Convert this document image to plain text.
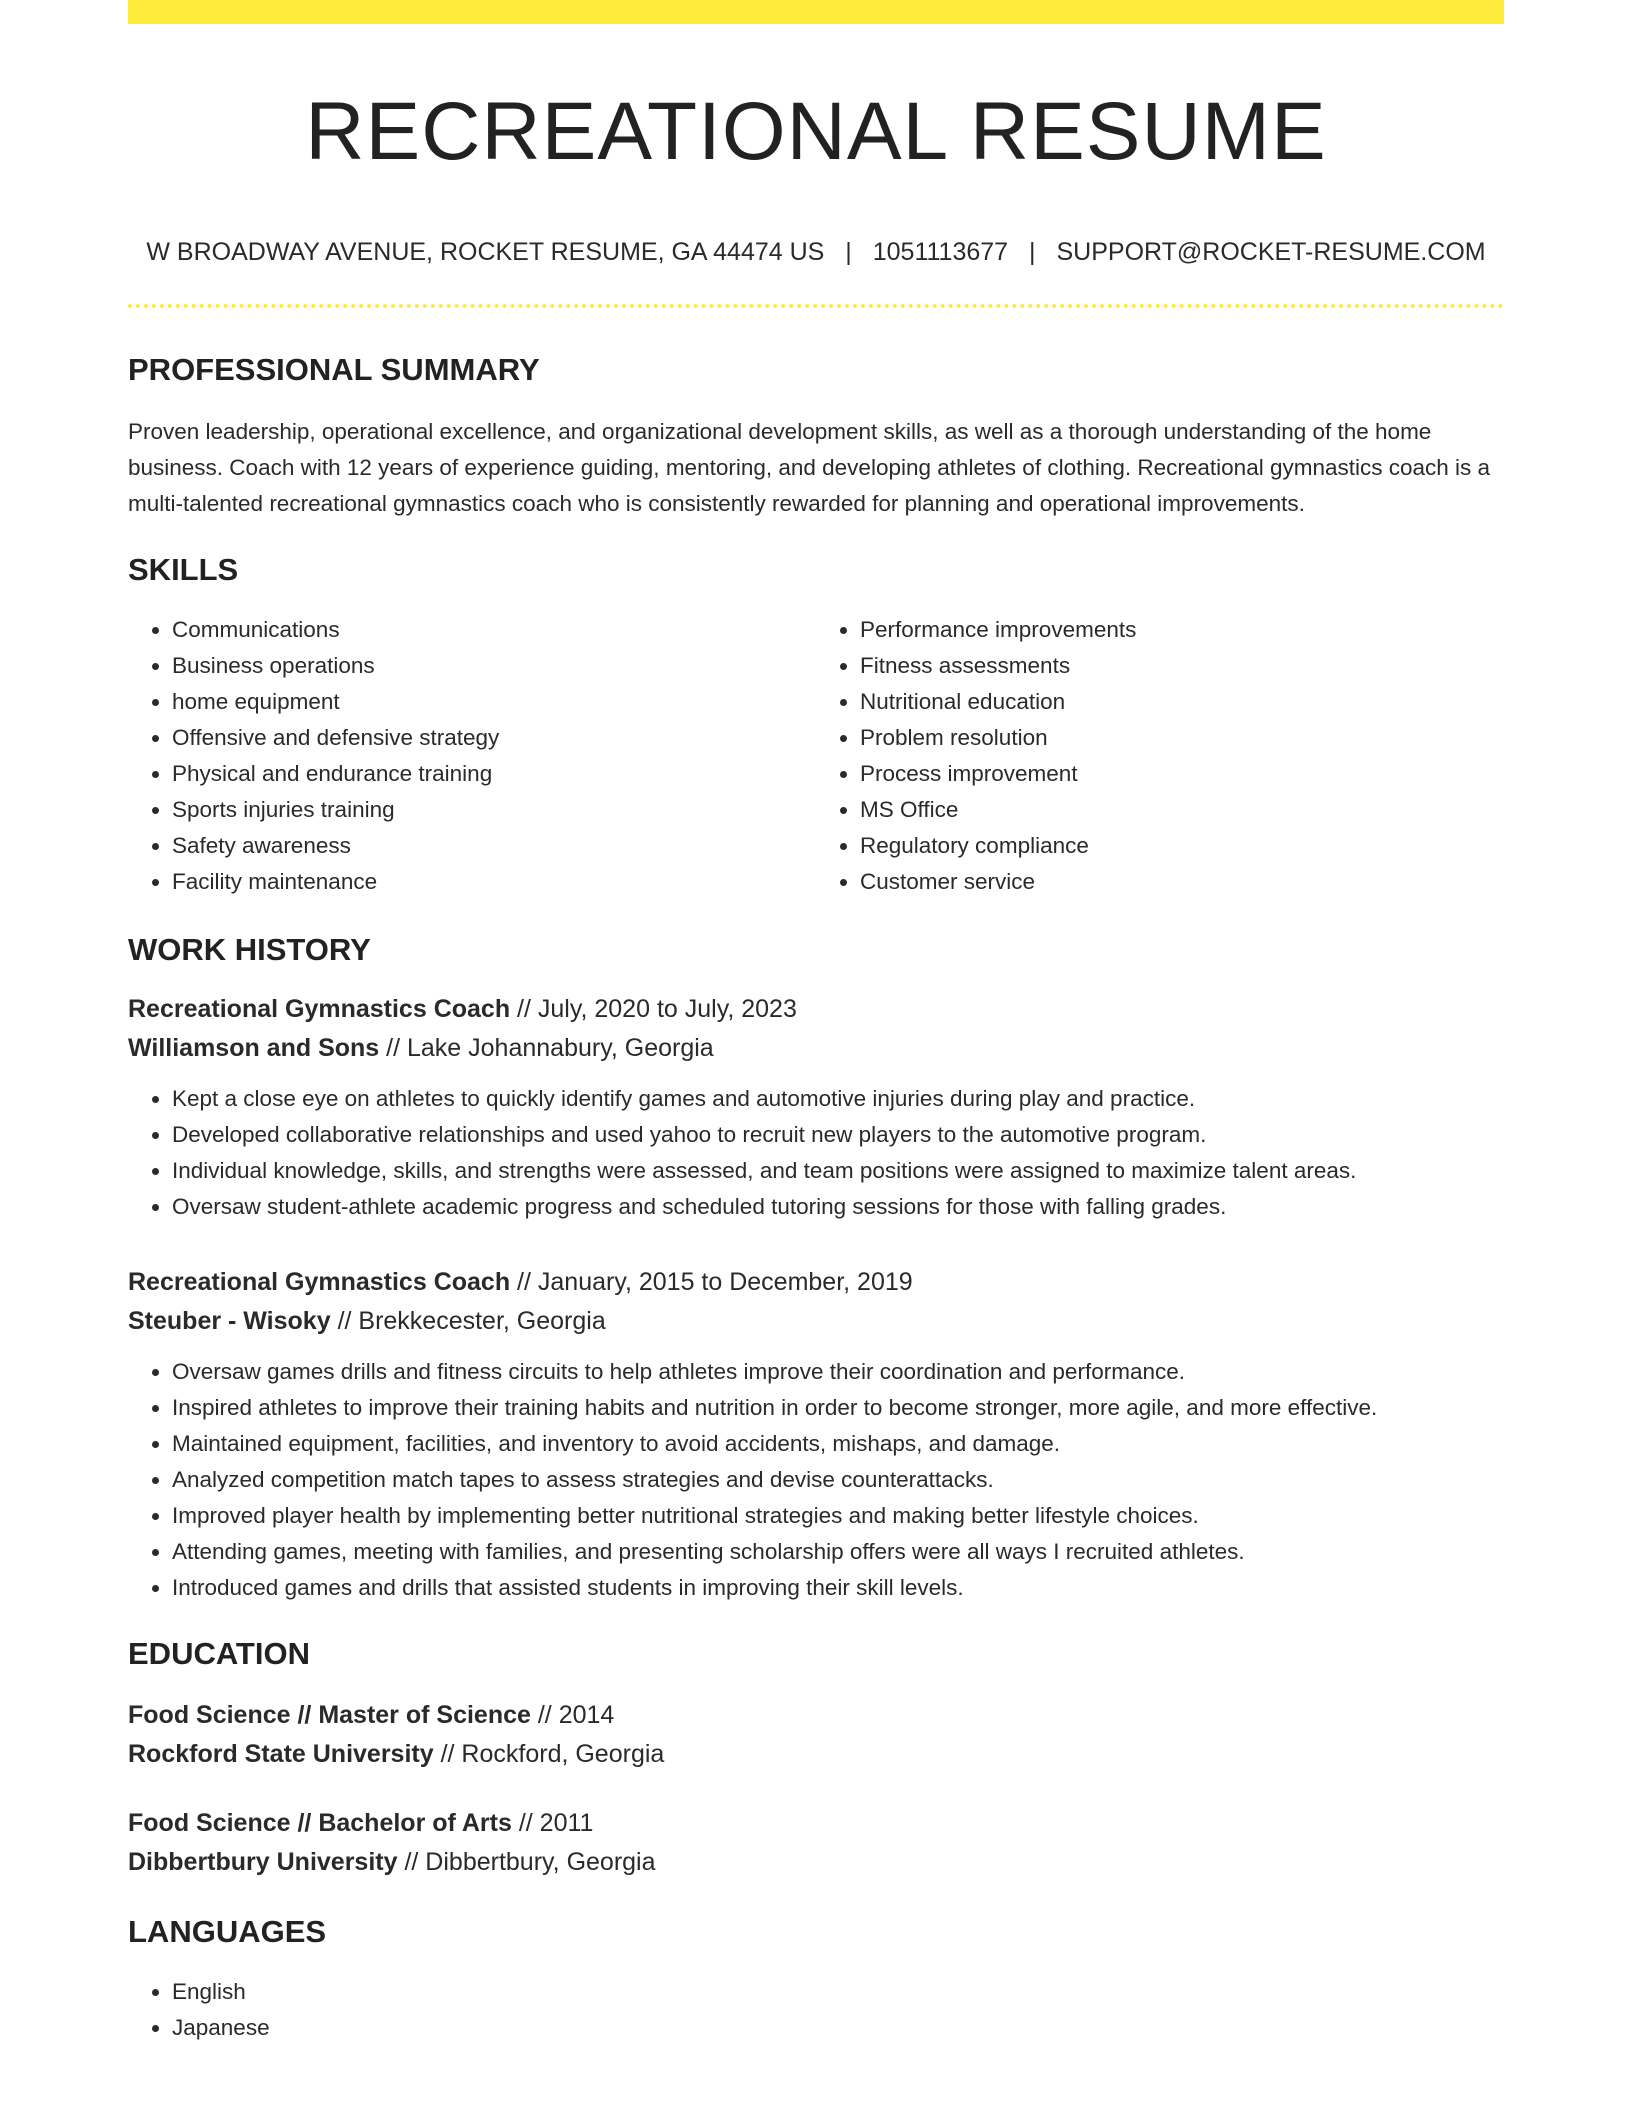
RECREATIONAL RESUME
W BROADWAY AVENUE, ROCKET RESUME, GA 44474 US | 1051113677 | SUPPORT@ROCKET-RESUME.COM
PROFESSIONAL SUMMARY

Proven leadership, operational excellence, and organizational development skills, as well as a thorough understanding of the home business. Coach with 12 years of experience guiding, mentoring, and developing athletes of clothing. Recreational gymnastics coach is a multi-talented recreational gymnastics coach who is consistently rewarded for planning and operational improvements.

SKILLS
• Communications
• Business operations
• home equipment
• Offensive and defensive strategy
• Physical and endurance training
• Sports injuries training
• Safety awareness
• Facility maintenance
• Performance improvements
• Fitness assessments
• Nutritional education
• Problem resolution
• Process improvement
• MS Office
• Regulatory compliance
• Customer service
WORK HISTORY
Recreational Gymnastics Coach // July, 2020 to July, 2023
Williamson and Sons // Lake Johannabury, Georgia
• Kept a close eye on athletes to quickly identify games and automotive injuries during play and practice.
• Developed collaborative relationships and used yahoo to recruit new players to the automotive program.
• Individual knowledge, skills, and strengths were assessed, and team positions were assigned to maximize talent areas.
• Oversaw student-athlete academic progress and scheduled tutoring sessions for those with falling grades.
Recreational Gymnastics Coach // January, 2015 to December, 2019
Steuber - Wisoky // Brekkecester, Georgia
• Oversaw games drills and fitness circuits to help athletes improve their coordination and performance.
• Inspired athletes to improve their training habits and nutrition in order to become stronger, more agile, and more effective.
• Maintained equipment, facilities, and inventory to avoid accidents, mishaps, and damage.
• Analyzed competition match tapes to assess strategies and devise counterattacks.
• Improved player health by implementing better nutritional strategies and making better lifestyle choices.
• Attending games, meeting with families, and presenting scholarship offers were all ways I recruited athletes.
• Introduced games and drills that assisted students in improving their skill levels.
EDUCATION
Food Science // Master of Science // 2014
Rockford State University // Rockford, Georgia
Food Science // Bachelor of Arts // 2011
Dibbertbury University // Dibbertbury, Georgia
LANGUAGES
• English
• Japanese
